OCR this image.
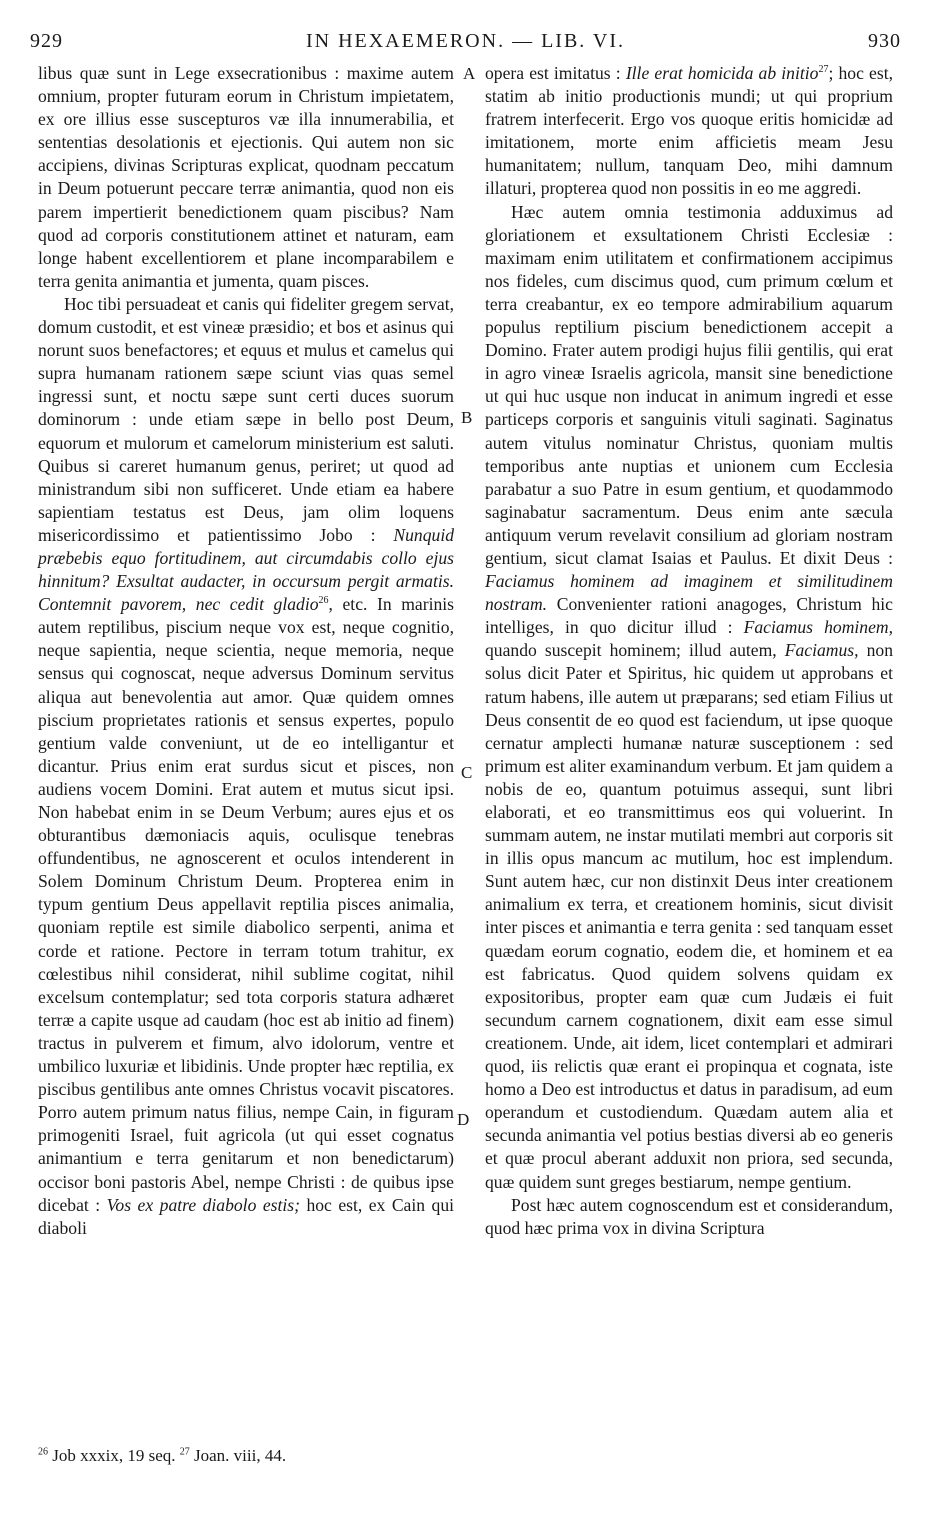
929	IN HEXAEMERON. — LIB. VI.	930

libus quæ sunt in Lege exsecrationibus : maxime autem omnium, propter futuram eorum in Christum impietatem, ex ore illius esse suscepturos væ illa innumerabilia, et sententias desolationis et ejectionis. Qui autem non sic accipiens, divinas Scripturas explicat, quodnam peccatum in Deum potuerunt peccare terræ animantia, quod non eis parem impertierit benedictionem quam piscibus? Nam quod ad corporis constitutionem attinet et naturam, eam longe habent excellentiorem et plane incomparabilem e terra genita animantia et jumenta, quam pisces.

Hoc tibi persuadeat et canis qui fideliter gregem servat, domum custodit, et est vineæ præsidio; et bos et asinus qui norunt suos benefactores; et equus et mulus et camelus qui supra humanam rationem sæpe sciunt vias quas semel ingressi sunt, et noctu sæpe sunt certi duces suorum dominorum : unde etiam sæpe in bello post Deum, equorum et mulorum et camelorum ministerium est saluti. Quibus si careret humanum genus, periret; ut quod ad ministrandum sibi non sufficeret. Unde etiam ea habere sapientiam testatus est Deus, jam olim loquens misericordissimo et patientissimo Jobo : Nunquid præbebis equo fortitudinem, aut circumdabis collo ejus hinnitum? Exsultat audacter, in occursum pergit armatis. Contemnit pavorem, nec cedit gladio$^{26}$, etc. In marinis autem reptilibus, piscium neque vox est, neque cognitio, neque sapientia, neque scientia, neque memoria, neque sensus qui cognoscat, neque adversus Dominum servitus aliqua aut benevolentia aut amor. Quæ quidem omnes piscium proprietates rationis et sensus expertes, populo gentium valde conveniunt, ut de eo intelligantur et dicantur. Prius enim erat surdus sicut et pisces, non audiens vocem Domini. Erat autem et mutus sicut ipsi. Non habebat enim in se Deum Verbum; aures ejus et os obturantibus dæmoniacis aquis, oculisque tenebras offundentibus, ne agnoscerent et oculos intenderent in Solem Dominum Christum Deum. Propterea enim in typum gentium Deus appellavit reptilia pisces animalia, quoniam reptile est simile diabolico serpenti, anima et corde et ratione. Pectore in terram totum trahitur, ex cœlestibus nihil considerat, nihil sublime cogitat, nihil excelsum contemplatur; sed tota corporis statura adhæret terræ a capite usque ad caudam (hoc est ab initio ad finem) tractus in pulverem et fimum, alvo idolorum, ventre et umbilico luxuriæ et libidinis. Unde propter hæc reptilia, ex piscibus gentilibus ante omnes Christus vocavit piscatores. Porro autem primum natus filius, nempe Cain, in figuram primogeniti Israel, fuit agricola (ut qui esset cognatus animantium e terra genitarum et non benedictarum) occisor boni pastoris Abel, nempe Christi : de quibus ipse dicebat : Vos ex patre diabolo estis; hoc est, ex Cain qui diaboli

A
B
C
D

opera est imitatus : Ille erat homicida ab initio$^{27}$; hoc est, statim ab initio productionis mundi; ut qui proprium fratrem interfecerit. Ergo vos quoque eritis homicidæ ad imitationem, morte enim afficietis meam Jesu humanitatem; nullum, tanquam Deo, mihi damnum illaturi, propterea quod non possitis in eo me aggredi.

Hæc autem omnia testimonia adduximus ad gloriationem et exsultationem Christi Ecclesiæ : maximam enim utilitatem et confirmationem accipimus nos fideles, cum discimus quod, cum primum cœlum et terra creabantur, ex eo tempore admirabilium aquarum populus reptilium piscium benedictionem accepit a Domino. Frater autem prodigi hujus filii gentilis, qui erat in agro vineæ Israelis agricola, mansit sine benedictione ut qui huc usque non inducat in animum ingredi et esse particeps corporis et sanguinis vituli saginati. Saginatus autem vitulus nominatur Christus, quoniam multis temporibus ante nuptias et unionem cum Ecclesia parabatur a suo Patre in esum gentium, et quodammodo saginabatur sacramentum. Deus enim ante sæcula antiquum verum revelavit consilium ad gloriam nostram gentium, sicut clamat Isaias et Paulus. Et dixit Deus : Faciamus hominem ad imaginem et similitudinem nostram. Convenienter rationi anagoges, Christum hic intelliges, in quo dicitur illud : Faciamus hominem, quando suscepit hominem; illud autem, Faciamus, non solus dicit Pater et Spiritus, hic quidem ut approbans et ratum habens, ille autem ut præparans; sed etiam Filius ut Deus consentit de eo quod est faciendum, ut ipse quoque cernatur amplecti humanæ naturæ susceptionem : sed primum est aliter examinandum verbum. Et jam quidem a nobis de eo, quantum potuimus assequi, sunt libri elaborati, et eo transmittimus eos qui voluerint. In summam autem, ne instar mutilati membri aut corporis sit in illis opus mancum ac mutilum, hoc est implendum. Sunt autem hæc, cur non distinxit Deus inter creationem animalium ex terra, et creationem hominis, sicut divisit inter pisces et animantia e terra genita : sed tanquam esset quædam eorum cognatio, eodem die, et hominem et ea est fabricatus. Quod quidem solvens quidam ex expositoribus, propter eam quæ cum Judæis ei fuit secundum carnem cognationem, dixit eam esse simul creationem. Unde, ait idem, licet contemplari et admirari quod, iis relictis quæ erant ei propinqua et cognata, iste homo a Deo est introductus et datus in paradisum, ad eum operandum et custodiendum. Quædam autem alia et secunda animantia vel potius bestias diversi ab eo generis et quæ procul aberant adduxit non priora, sed secunda, quæ quidem sunt greges bestiarum, nempe gentium.

Post hæc autem cognoscendum est et considerandum, quod hæc prima vox in divina Scriptura

$^{26}$ Job xxxix, 19 seq. $^{27}$ Joan. viii, 44.
